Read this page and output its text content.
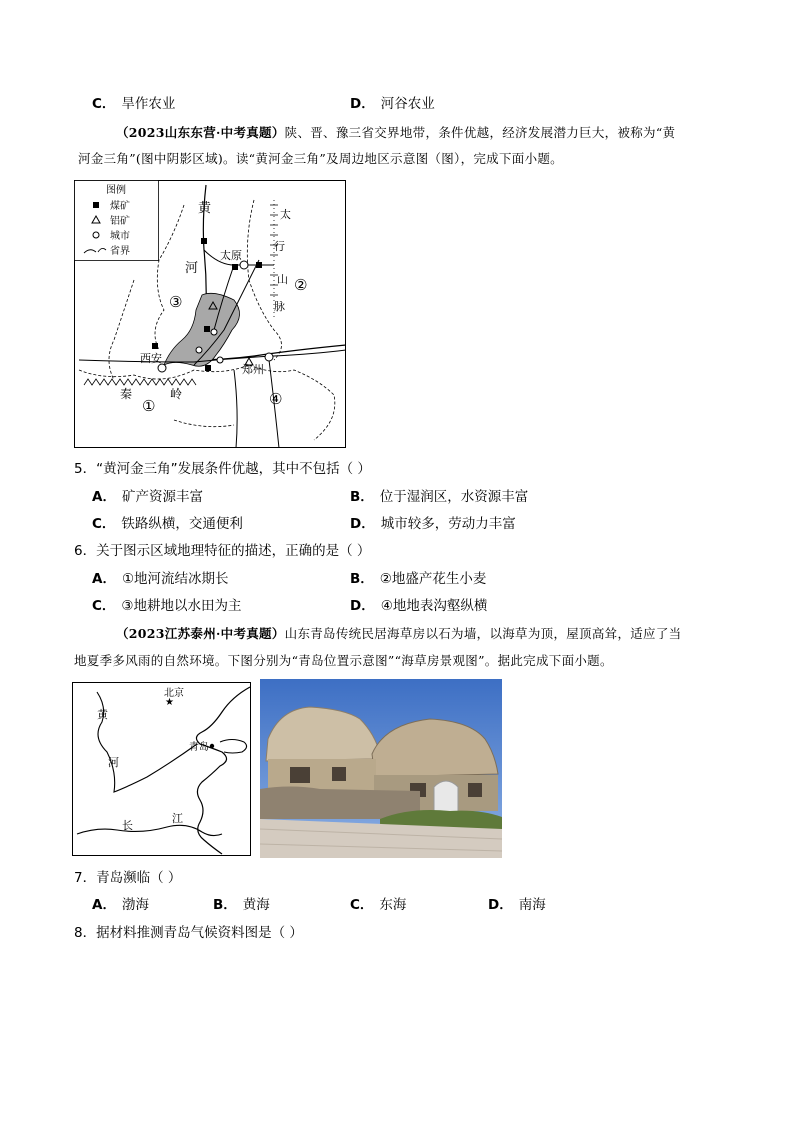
C． 旱作农业	D． 河谷农业
（2023山东东营·中考真题）陕、晋、豫三省交界地带，条件优越，经济发展潜力巨大，被称为“黄
河金三角”(图中阴影区域)。读“黄河金三角”及周边地区示意图（图），完成下面小题。
图例
煤矿
铝矿
城市
省界
黄
河
太原
西安
郑州
太
行
山
脉
秦	岭
①
②
③
④
5．“黄河金三角”发展条件优越，其中不包括（ ）
A． 矿产资源丰富	B． 位于湿润区，水资源丰富
C． 铁路纵横，交通便利	D． 城市较多，劳动力丰富
6．关于图示区域地理特征的描述，正确的是（ ）
A． ①地河流结冰期长	B． ②地盛产花生小麦
C． ③地耕地以水田为主	D． ④地地表沟壑纵横
（2023江苏泰州·中考真题）山东青岛传统民居海草房以石为墙，以海草为顶，屋顶高耸，适应了当
地夏季多风雨的自然环境。下图分别为“青岛位置示意图”“海草房景观图”。据此完成下面小题。
★
北京
青岛
黄
河
长
江
7．青岛濒临（ ）
A． 渤海	B． 黄海	C． 东海	D． 南海
8．据材料推测青岛气候资料图是（ ）
